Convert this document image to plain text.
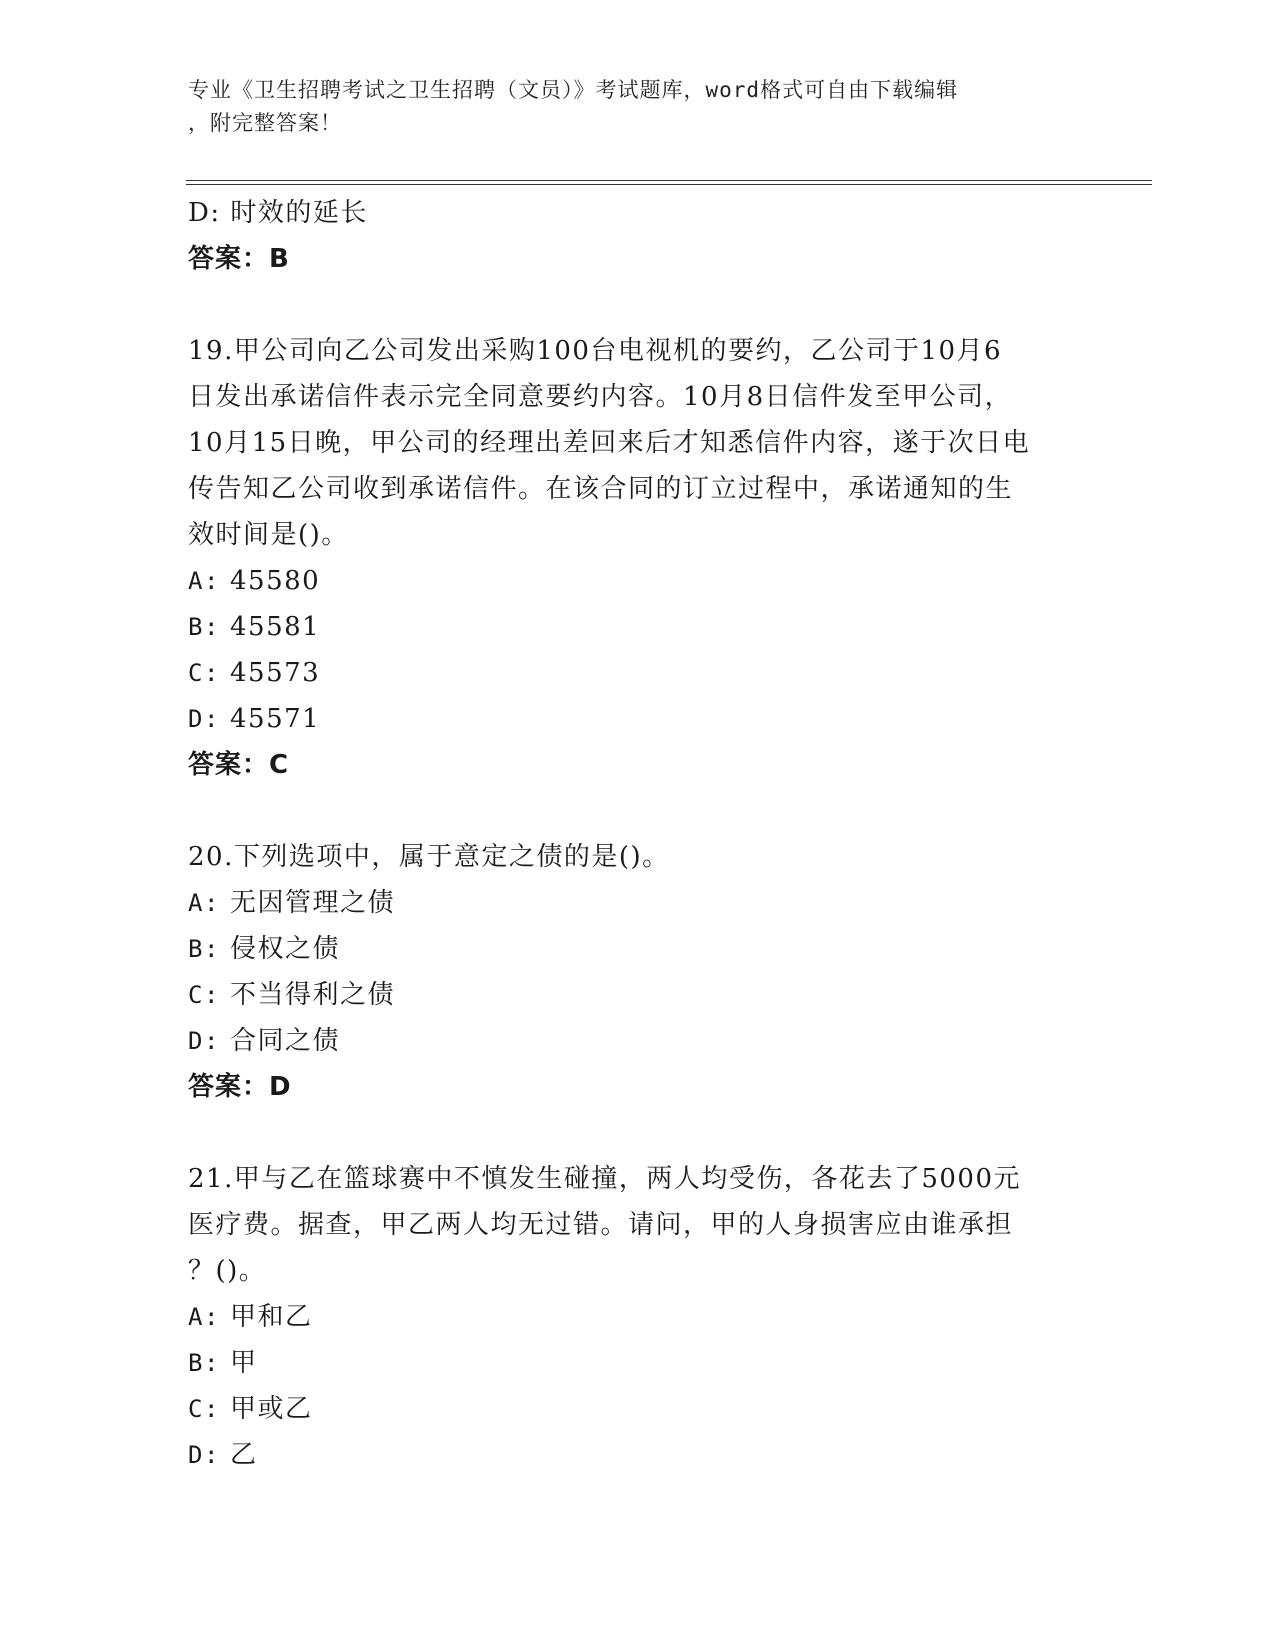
专业《卫生招聘考试之卫生招聘（文员）》考试题库，word格式可自由下载编辑
，附完整答案！
D: 时效的延长
答案：B
19.甲公司向乙公司发出采购100台电视机的要约，乙公司于10月6
日发出承诺信件表示完全同意要约内容。10月8日信件发至甲公司，
10月15日晚，甲公司的经理出差回来后才知悉信件内容，遂于次日电
传告知乙公司收到承诺信件。在该合同的订立过程中，承诺通知的生
效时间是()。
A: 45580
B: 45581
C: 45573
D: 45571
答案：C
20.下列选项中，属于意定之债的是()。
A: 无因管理之债
B: 侵权之债
C: 不当得利之债
D: 合同之债
答案：D
21.甲与乙在篮球赛中不慎发生碰撞，两人均受伤，各花去了5000元
医疗费。据查，甲乙两人均无过错。请问，甲的人身损害应由谁承担
？()。
A: 甲和乙
B: 甲
C: 甲或乙
D: 乙
